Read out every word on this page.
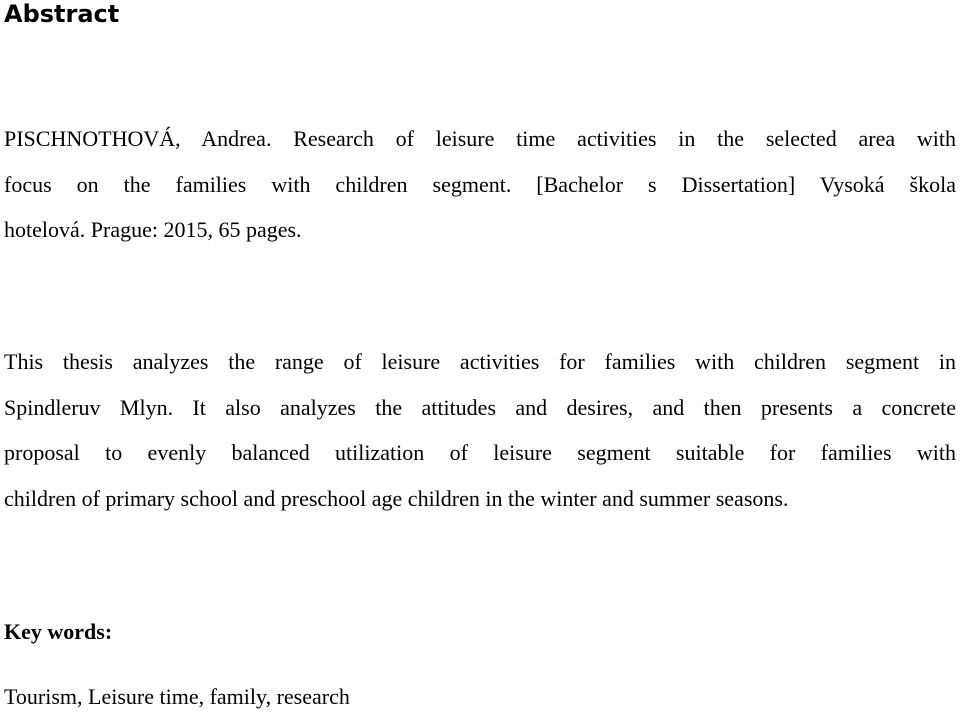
Abstract

PISCHNOTHOVÁ, Andrea. Research of leisure time activities in the selected area with
focus on the families with children segment. [Bachelor s Dissertation] Vysoká škola
hotelová. Prague: 2015, 65 pages.

This thesis analyzes the range of leisure activities for families with children segment in
Spindleruv Mlyn. It also analyzes the attitudes and desires, and then presents a concrete
proposal to evenly balanced utilization of leisure segment suitable for families with
children of primary school and preschool age children in the winter and summer seasons.

Key words:

Tourism, Leisure time, family, research
